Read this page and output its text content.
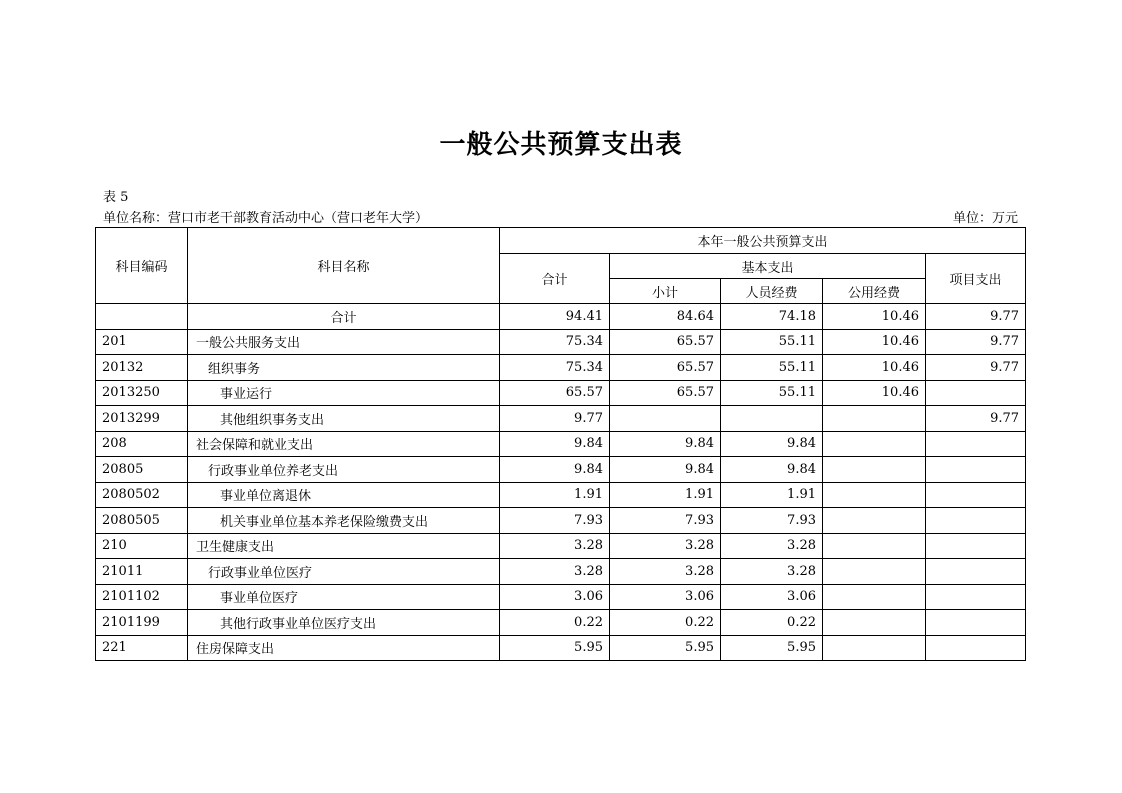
一般公共预算支出表
表 5
单位名称：营口市老干部教育活动中心（营口老年大学）	单位：万元
科目编码	科目名称	本年一般公共预算支出				
		合计	基本支出			项目支出
			小计	人员经费	公用经费	
	合计	94.41	84.64	74.18	10.46	9.77
201	一般公共服务支出	75.34	65.57	55.11	10.46	9.77
20132	组织事务	75.34	65.57	55.11	10.46	9.77
2013250	事业运行	65.57	65.57	55.11	10.46	
2013299	其他组织事务支出	9.77				9.77
208	社会保障和就业支出	9.84	9.84	9.84		
20805	行政事业单位养老支出	9.84	9.84	9.84		
2080502	事业单位离退休	1.91	1.91	1.91		
2080505	机关事业单位基本养老保险缴费支出	7.93	7.93	7.93		
210	卫生健康支出	3.28	3.28	3.28		
21011	行政事业单位医疗	3.28	3.28	3.28		
2101102	事业单位医疗	3.06	3.06	3.06		
2101199	其他行政事业单位医疗支出	0.22	0.22	0.22		
221	住房保障支出	5.95	5.95	5.95		
